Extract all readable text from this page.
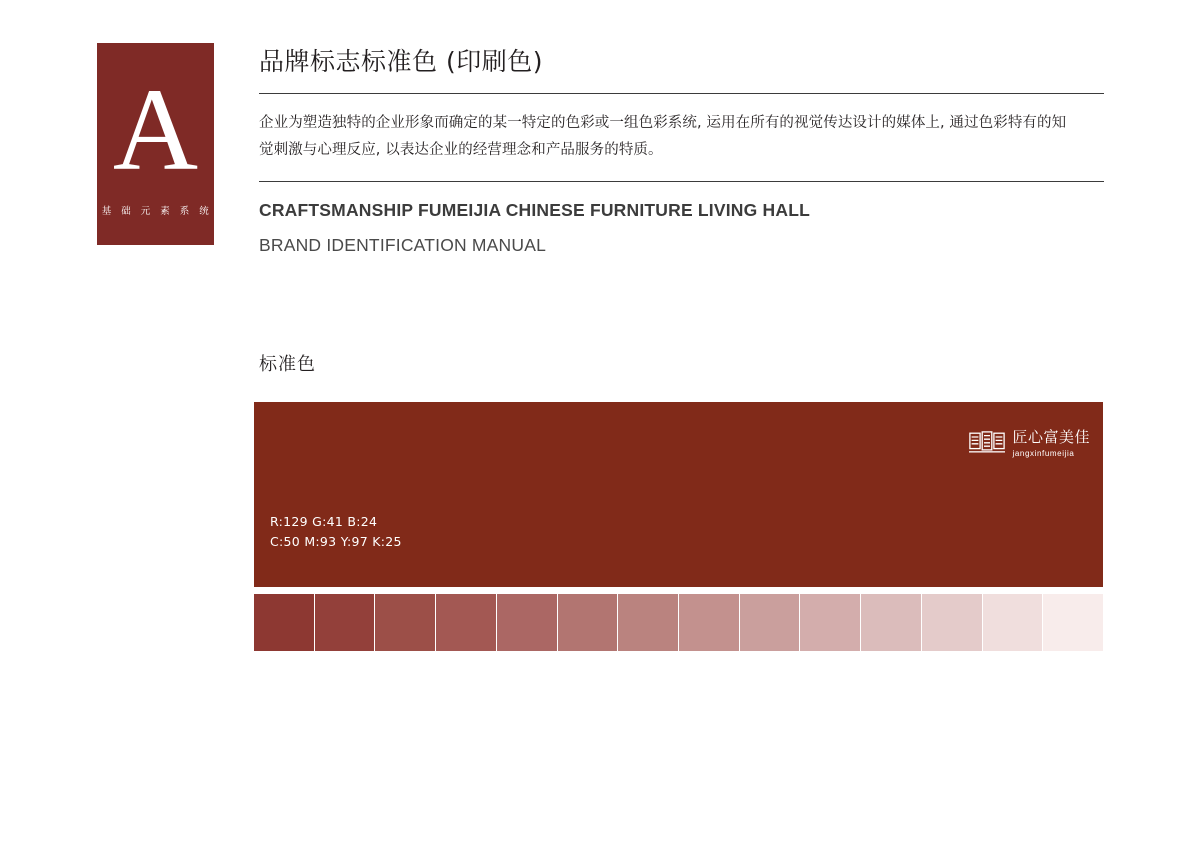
A
基 础 元 素 系 统
品牌标志标准色 (印刷色)

企业为塑造独特的企业形象而确定的某一特定的色彩或一组色彩系统, 运用在所有的视觉传达设计的媒体上, 通过色彩特有的知觉刺激与心理反应, 以表达企业的经营理念和产品服务的特质。

CRAFTSMANSHIP FUMEIJIA CHINESE FURNITURE LIVING HALL
BRAND IDENTIFICATION MANUAL
标准色
匠心富美佳
jangxinfumeijia
R:129 G:41 B:24
C:50 M:93 Y:97 K:25
